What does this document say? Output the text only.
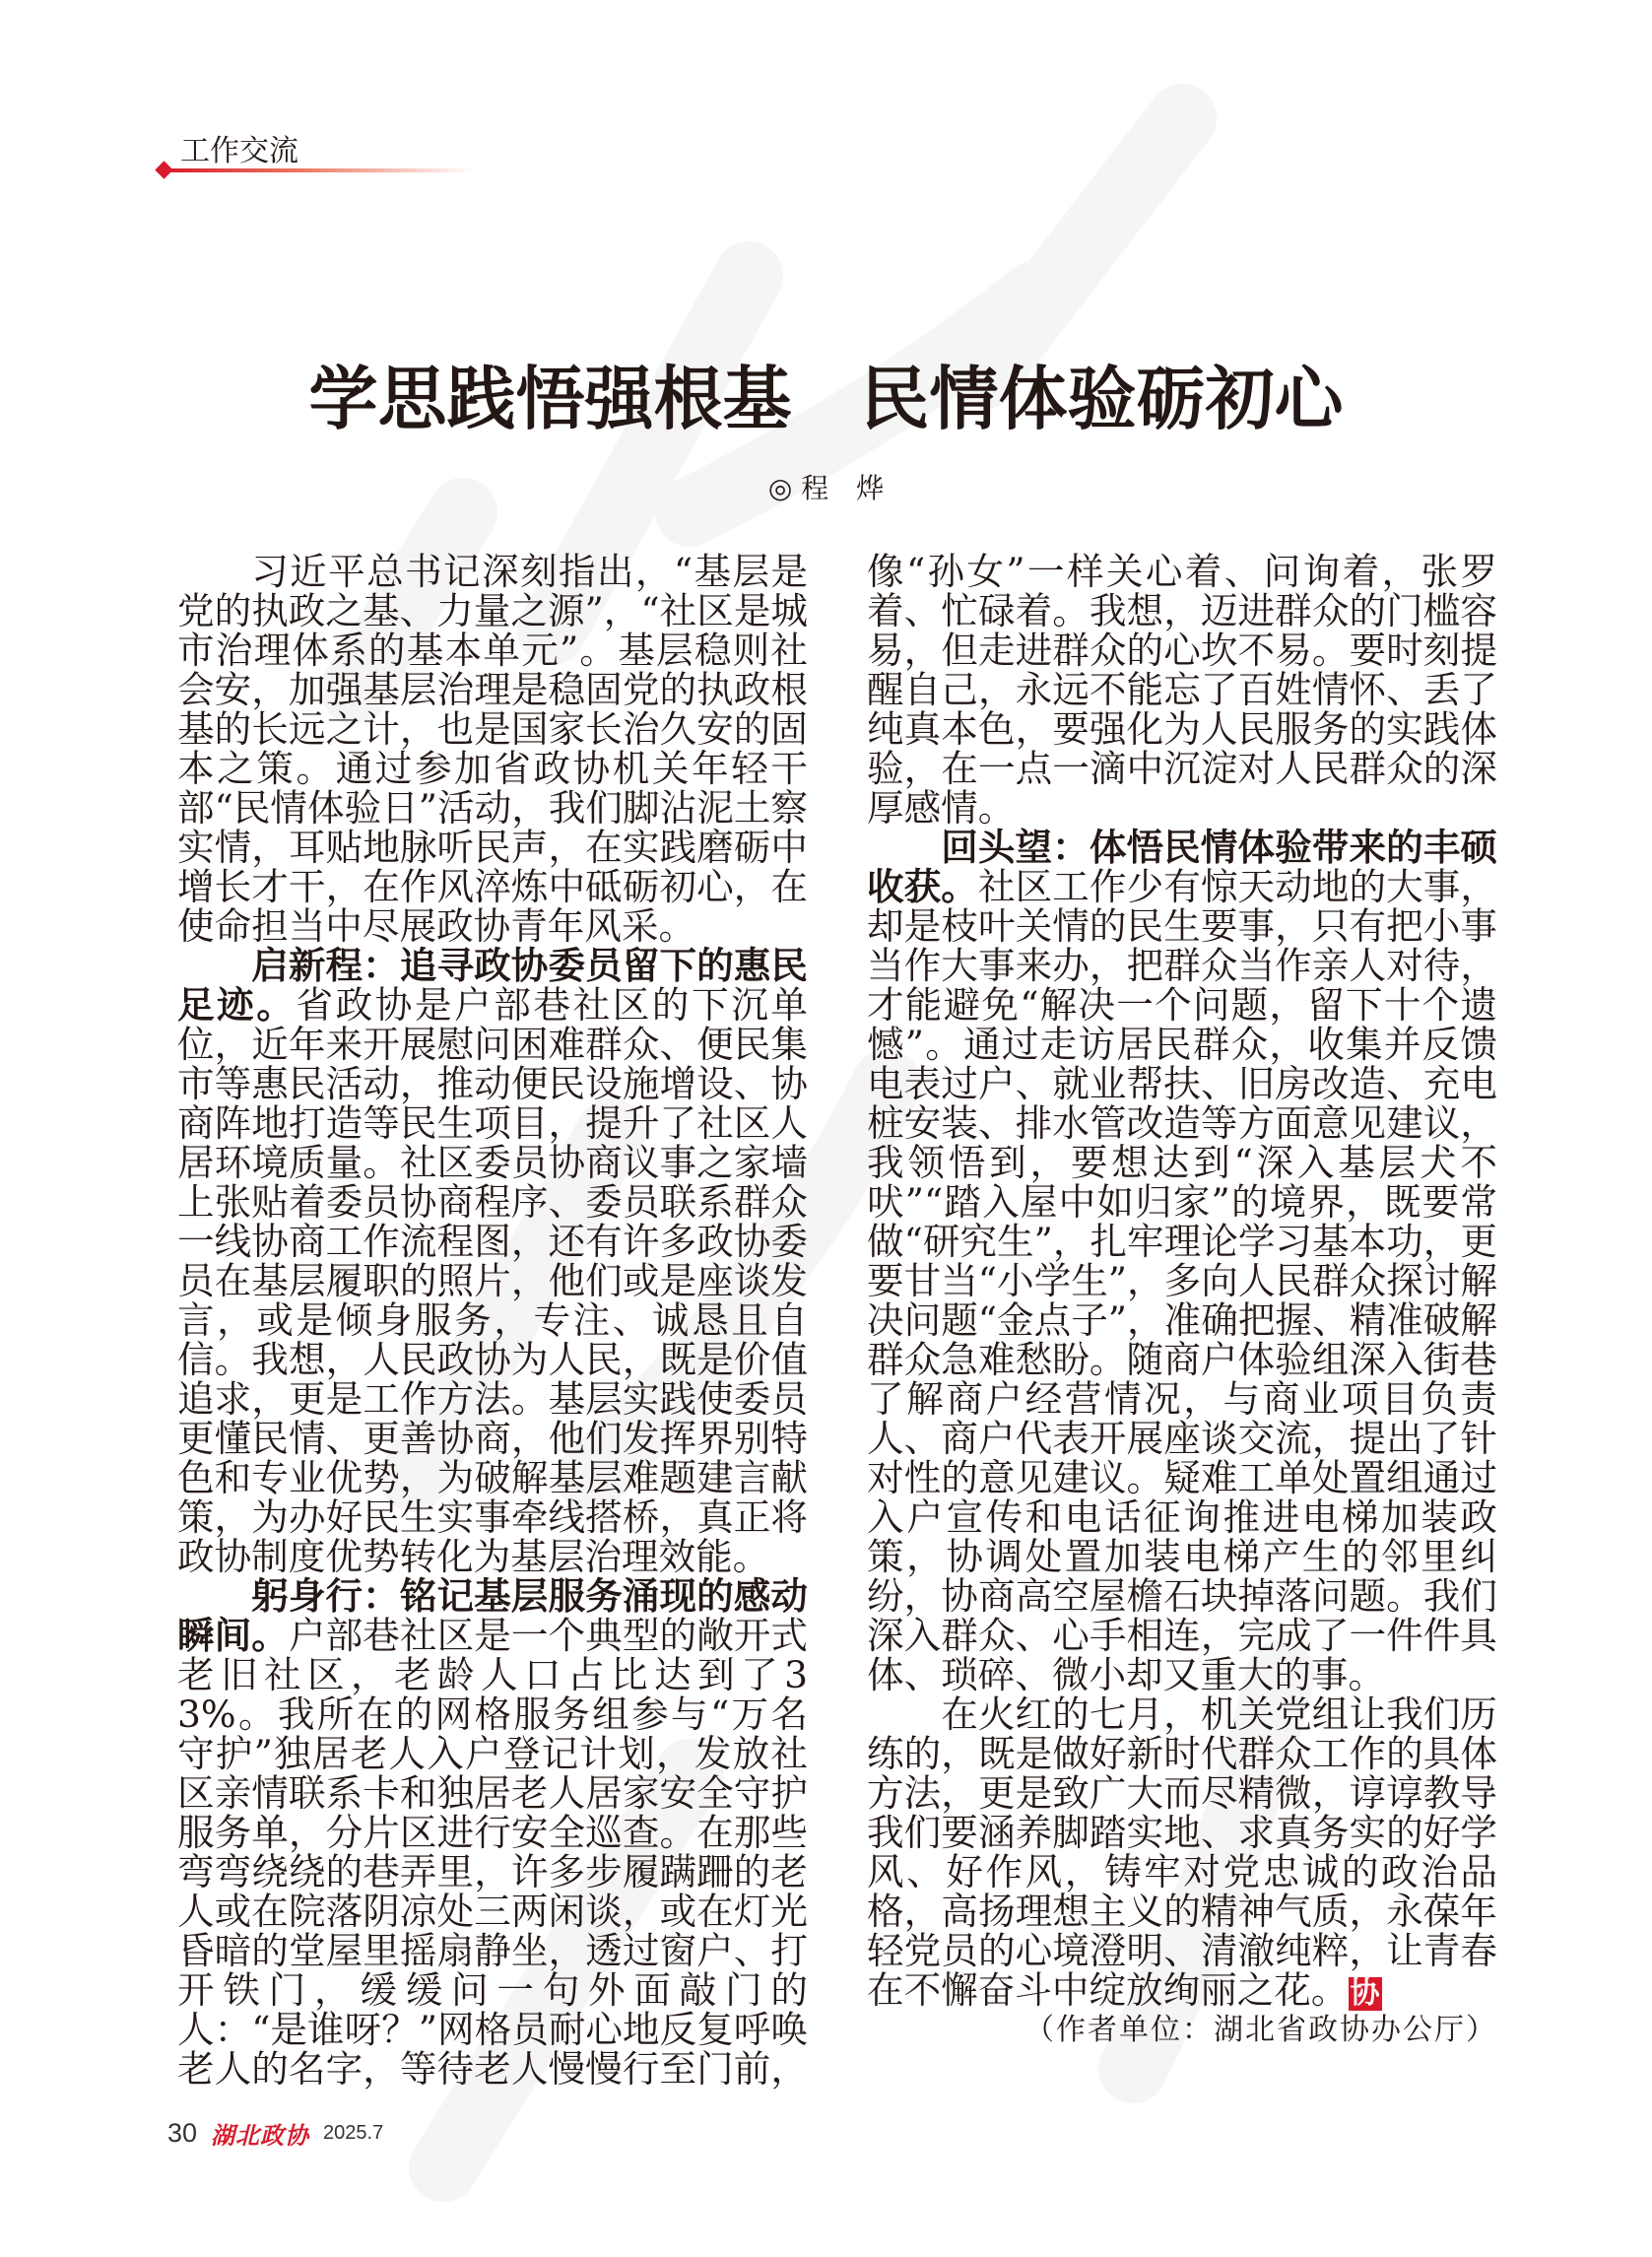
工作交流
学思践悟强根基　民情体验砺初心
◎ 程　烨

习近平总书记深刻指出，“基层是党的执政之基、力量之源”，“社区是城市治理体系的基本单元”。基层稳则社会安，加强基层治理是稳固党的执政根基的长远之计，也是国家长治久安的固本之策。通过参加省政协机关年轻干部“民情体验日”活动，我们脚沾泥土察实情，耳贴地脉听民声，在实践磨砺中增长才干，在作风淬炼中砥砺初心，在使命担当中尽展政协青年风采。

启新程：追寻政协委员留下的惠民足迹。省政协是户部巷社区的下沉单位，近年来开展慰问困难群众、便民集市等惠民活动，推动便民设施增设、协商阵地打造等民生项目，提升了社区人居环境质量。社区委员协商议事之家墙上张贴着委员协商程序、委员联系群众一线协商工作流程图，还有许多政协委员在基层履职的照片，他们或是座谈发言，或是倾身服务，专注、诚恳且自信。我想，人民政协为人民，既是价值追求，更是工作方法。基层实践使委员更懂民情、更善协商，他们发挥界别特色和专业优势，为破解基层难题建言献策，为办好民生实事牵线搭桥，真正将政协制度优势转化为基层治理效能。

躬身行：铭记基层服务涌现的感动瞬间。户部巷社区是一个典型的敞开式老旧社区，老龄人口占比达到了33%。我所在的网格服务组参与“万名守护”独居老人入户登记计划，发放社区亲情联系卡和独居老人居家安全守护服务单，分片区进行安全巡查。在那些弯弯绕绕的巷弄里，许多步履蹒跚的老人或在院落阴凉处三两闲谈，或在灯光昏暗的堂屋里摇扇静坐，透过窗户、打开铁门，缓缓问一句外面敲门的人：“是谁呀？”网格员耐心地反复呼唤老人的名字，等待老人慢慢行至门前，像“孙女”一样关心着、问询着，张罗着、忙碌着。我想，迈进群众的门槛容易，但走进群众的心坎不易。要时刻提醒自己，永远不能忘了百姓情怀、丢了纯真本色，要强化为人民服务的实践体验，在一点一滴中沉淀对人民群众的深厚感情。

回头望：体悟民情体验带来的丰硕收获。社区工作少有惊天动地的大事，却是枝叶关情的民生要事，只有把小事当作大事来办，把群众当作亲人对待，才能避免“解决一个问题，留下十个遗憾”。通过走访居民群众，收集并反馈电表过户、就业帮扶、旧房改造、充电桩安装、排水管改造等方面意见建议，我领悟到，要想达到“深入基层犬不吠”“踏入屋中如归家”的境界，既要常做“研究生”，扎牢理论学习基本功，更要甘当“小学生”，多向人民群众探讨解决问题“金点子”，准确把握、精准破解群众急难愁盼。随商户体验组深入街巷了解商户经营情况，与商业项目负责人、商户代表开展座谈交流，提出了针对性的意见建议。疑难工单处置组通过入户宣传和电话征询推进电梯加装政策，协调处置加装电梯产生的邻里纠纷，协商高空屋檐石块掉落问题。我们深入群众、心手相连，完成了一件件具体、琐碎、微小却又重大的事。

在火红的七月，机关党组让我们历练的，既是做好新时代群众工作的具体方法，更是致广大而尽精微，谆谆教导我们要涵养脚踏实地、求真务实的好学风、好作风，铸牢对党忠诚的政治品格，高扬理想主义的精神气质，永葆年轻党员的心境澄明、清澈纯粹，让青春在不懈奋斗中绽放绚丽之花。协

（作者单位：湖北省政协办公厅）

30 湖北政协 2025.7
